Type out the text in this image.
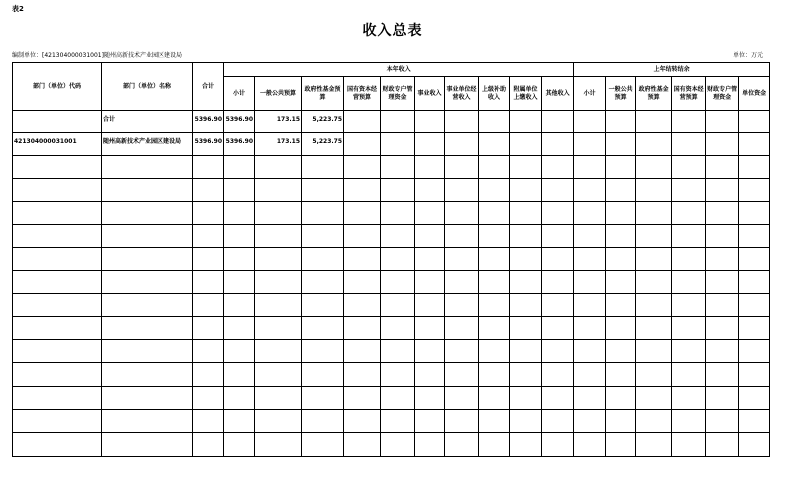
表2
收入总表
编制单位：[421304000031001]随州高新技术产业园区建设局	单位：万元
部门（单位）代码	部门（单位）名称	合计	本年收入										上年结转结余					
			小计	一般公共预算	政府性基金预算	国有资本经营预算	财政专户管理资金	事业收入	事业单位经营收入	上级补助收入	附属单位上缴收入	其他收入	小计	一般公共预算	政府性基金预算	国有资本经营预算	财政专户管理资金	单位资金
	合计	5396.90	5396.90	173.15	5,223.75													
421304000031001	随州高新技术产业园区建设局	5396.90	5396.90	173.15	5,223.75													
